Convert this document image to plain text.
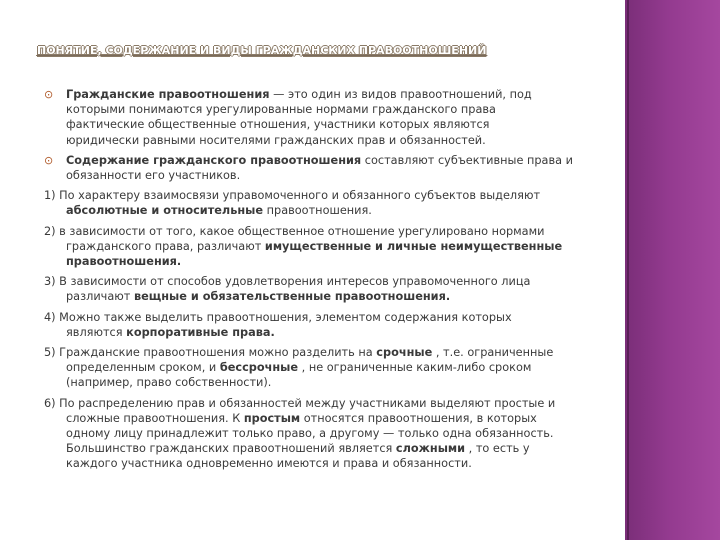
ПОНЯТИЕ, СОДЕРЖАНИЕ И ВИДЫ ГРАЖДАНСКИХ ПРАВООТНОШЕНИЙ
⊙ Гражданские правоотношения — это один из видов правоотношений, под
которыми понимаются урегулированные нормами гражданского права
фактические общественные отношения, участники которых являются
юридически равными носителями гражданских прав и обязанностей.
⊙ Содержание гражданского правоотношения составляют субъективные права и
обязанности его участников.
1) По характеру взаимосвязи управомоченного и обязанного субъектов выделяют
абсолютные и относительные правоотношения.
2) в зависимости от того, какое общественное отношение урегулировано нормами
гражданского права, различают имущественные и личные неимущественные
правоотношения.
3) В зависимости от способов удовлетворения интересов управомоченного лица
различают вещные и обязательственные правоотношения.
4) Можно также выделить правоотношения, элементом содержания которых
являются корпоративные права.
5) Гражданские правоотношения можно разделить на срочные , т.е. ограниченные
определенным сроком, и бессрочные , не ограниченные каким-либо сроком
(например, право собственности).
6) По распределению прав и обязанностей между участниками выделяют простые и
сложные правоотношения. К простым относятся правоотношения, в которых
одному лицу принадлежит только право, а другому — только одна обязанность.
Большинство гражданских правоотношений является сложными , то есть у
каждого участника одновременно имеются и права и обязанности.
